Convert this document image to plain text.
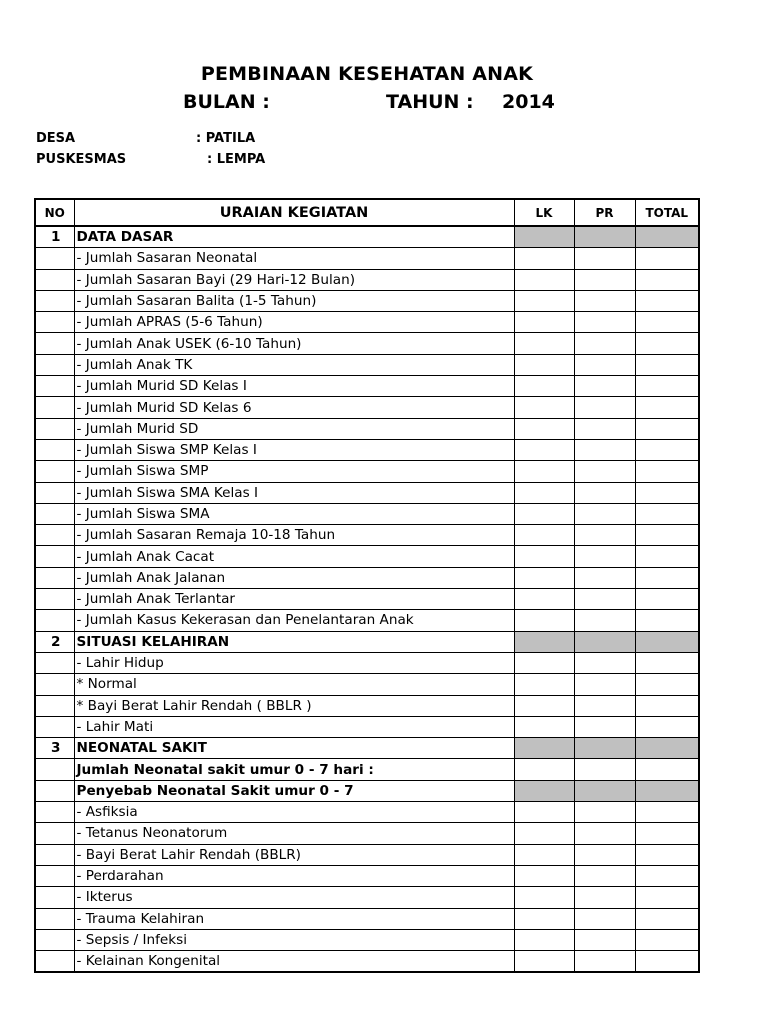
PEMBINAAN KESEHATAN ANAK
BULAN :	TAHUN : 2014
DESA	: PATILA
PUSKESMAS	: LEMPA
NO	URAIAN KEGIATAN	LK	PR	TOTAL
1	DATA DASAR			
	- Jumlah Sasaran Neonatal			
	- Jumlah Sasaran Bayi (29 Hari-12 Bulan)			
	- Jumlah Sasaran Balita (1-5 Tahun)			
	- Jumlah APRAS (5-6 Tahun)			
	- Jumlah Anak USEK (6-10 Tahun)			
	- Jumlah Anak TK			
	- Jumlah Murid SD Kelas I			
	- Jumlah Murid SD Kelas 6			
	- Jumlah Murid SD			
	- Jumlah Siswa SMP Kelas I			
	- Jumlah Siswa SMP			
	- Jumlah Siswa SMA Kelas I			
	- Jumlah Siswa SMA			
	- Jumlah Sasaran Remaja 10-18 Tahun			
	- Jumlah Anak Cacat			
	- Jumlah Anak Jalanan			
	- Jumlah Anak Terlantar			
	- Jumlah Kasus Kekerasan dan Penelantaran Anak			
2	SITUASI KELAHIRAN			
	- Lahir Hidup			
	* Normal			
	* Bayi Berat Lahir Rendah ( BBLR )			
	- Lahir Mati			
3	NEONATAL SAKIT			
	Jumlah Neonatal sakit umur 0 - 7 hari :			
	Penyebab Neonatal Sakit umur 0 - 7			
	- Asfiksia			
	- Tetanus Neonatorum			
	- Bayi Berat Lahir Rendah (BBLR)			
	- Perdarahan			
	- Ikterus			
	- Trauma Kelahiran			
	- Sepsis / Infeksi			
	- Kelainan Kongenital			
